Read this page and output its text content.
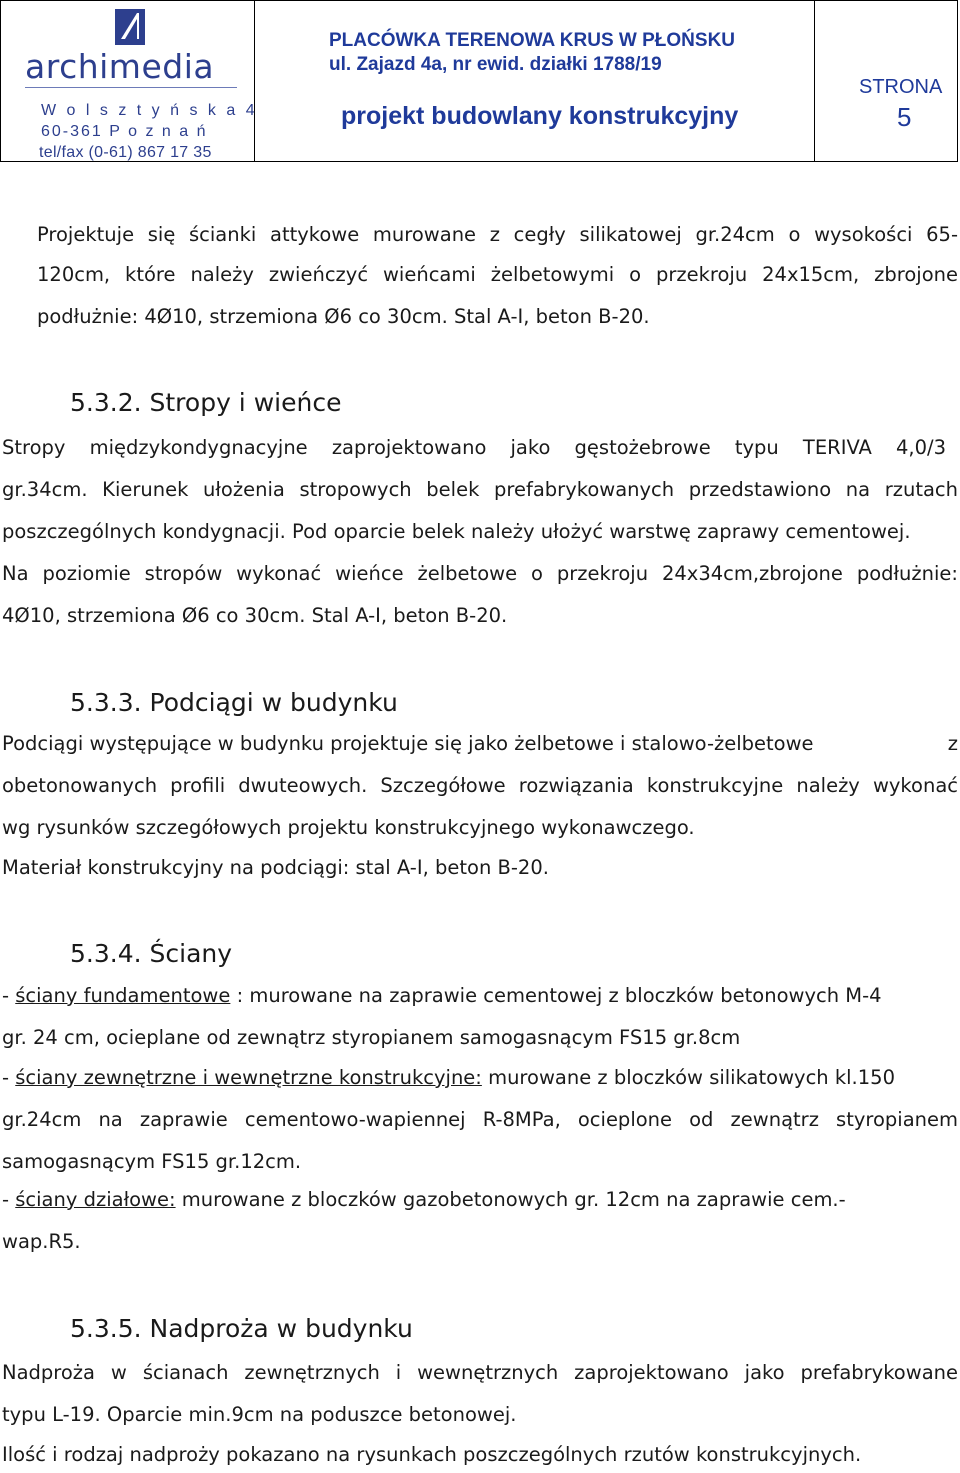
archimedia
W o l s z t y ń s k a 4
60-361 P o z n a ń
tel/fax (0-61) 867 17 35
PLACÓWKA TERENOWA KRUS W PŁOŃSKU
ul. Zajazd 4a, nr ewid. działki 1788/19
projekt budowlany konstrukcyjny
STRONA
5
Projektuje się ścianki attykowe murowane z cegły silikatowej gr.24cm o wysokości 65-
120cm, które należy zwieńczyć wieńcami żelbetowymi o przekroju 24x15cm, zbrojone
podłużnie: 4Ø10, strzemiona Ø6 co 30cm. Stal A-I, beton B-20.
5.3.2. Stropy i wieńce
Stropy międzykondygnacyjne zaprojektowano jako gęstożebrowe typu TERIVA 4,0/3
gr.34cm. Kierunek ułożenia stropowych belek prefabrykowanych przedstawiono na rzutach
poszczególnych kondygnacji. Pod oparcie belek należy ułożyć warstwę zaprawy cementowej.
Na poziomie stropów wykonać wieńce żelbetowe o przekroju 24x34cm,zbrojone podłużnie:
4Ø10, strzemiona Ø6 co 30cm. Stal A-I, beton B-20.
5.3.3. Podciągi w budynku
Podciągi występujące w budynku projektuje się jako żelbetowe i stalowo-żelbetowe	z
obetonowanych profili dwuteowych. Szczegółowe rozwiązania konstrukcyjne należy wykonać
wg rysunków szczegółowych projektu konstrukcyjnego wykonawczego.
Materiał konstrukcyjny na podciągi: stal A-I, beton B-20.
5.3.4. Ściany
- ściany fundamentowe : murowane na zaprawie cementowej z bloczków betonowych M-4
gr. 24 cm, ocieplane od zewnątrz styropianem samogasnącym FS15 gr.8cm
- ściany zewnętrzne i wewnętrzne konstrukcyjne: murowane z bloczków silikatowych kl.150
gr.24cm na zaprawie cementowo-wapiennej R-8MPa, ocieplone od zewnątrz styropianem
samogasnącym FS15 gr.12cm.
- ściany działowe: murowane z bloczków gazobetonowych gr. 12cm na zaprawie cem.-
wap.R5.
5.3.5. Nadproża w budynku
Nadproża w ścianach zewnętrznych i wewnętrznych zaprojektowano jako prefabrykowane
typu L-19. Oparcie min.9cm na poduszce betonowej.
Ilość i rodzaj nadproży pokazano na rysunkach poszczególnych rzutów konstrukcyjnych.
